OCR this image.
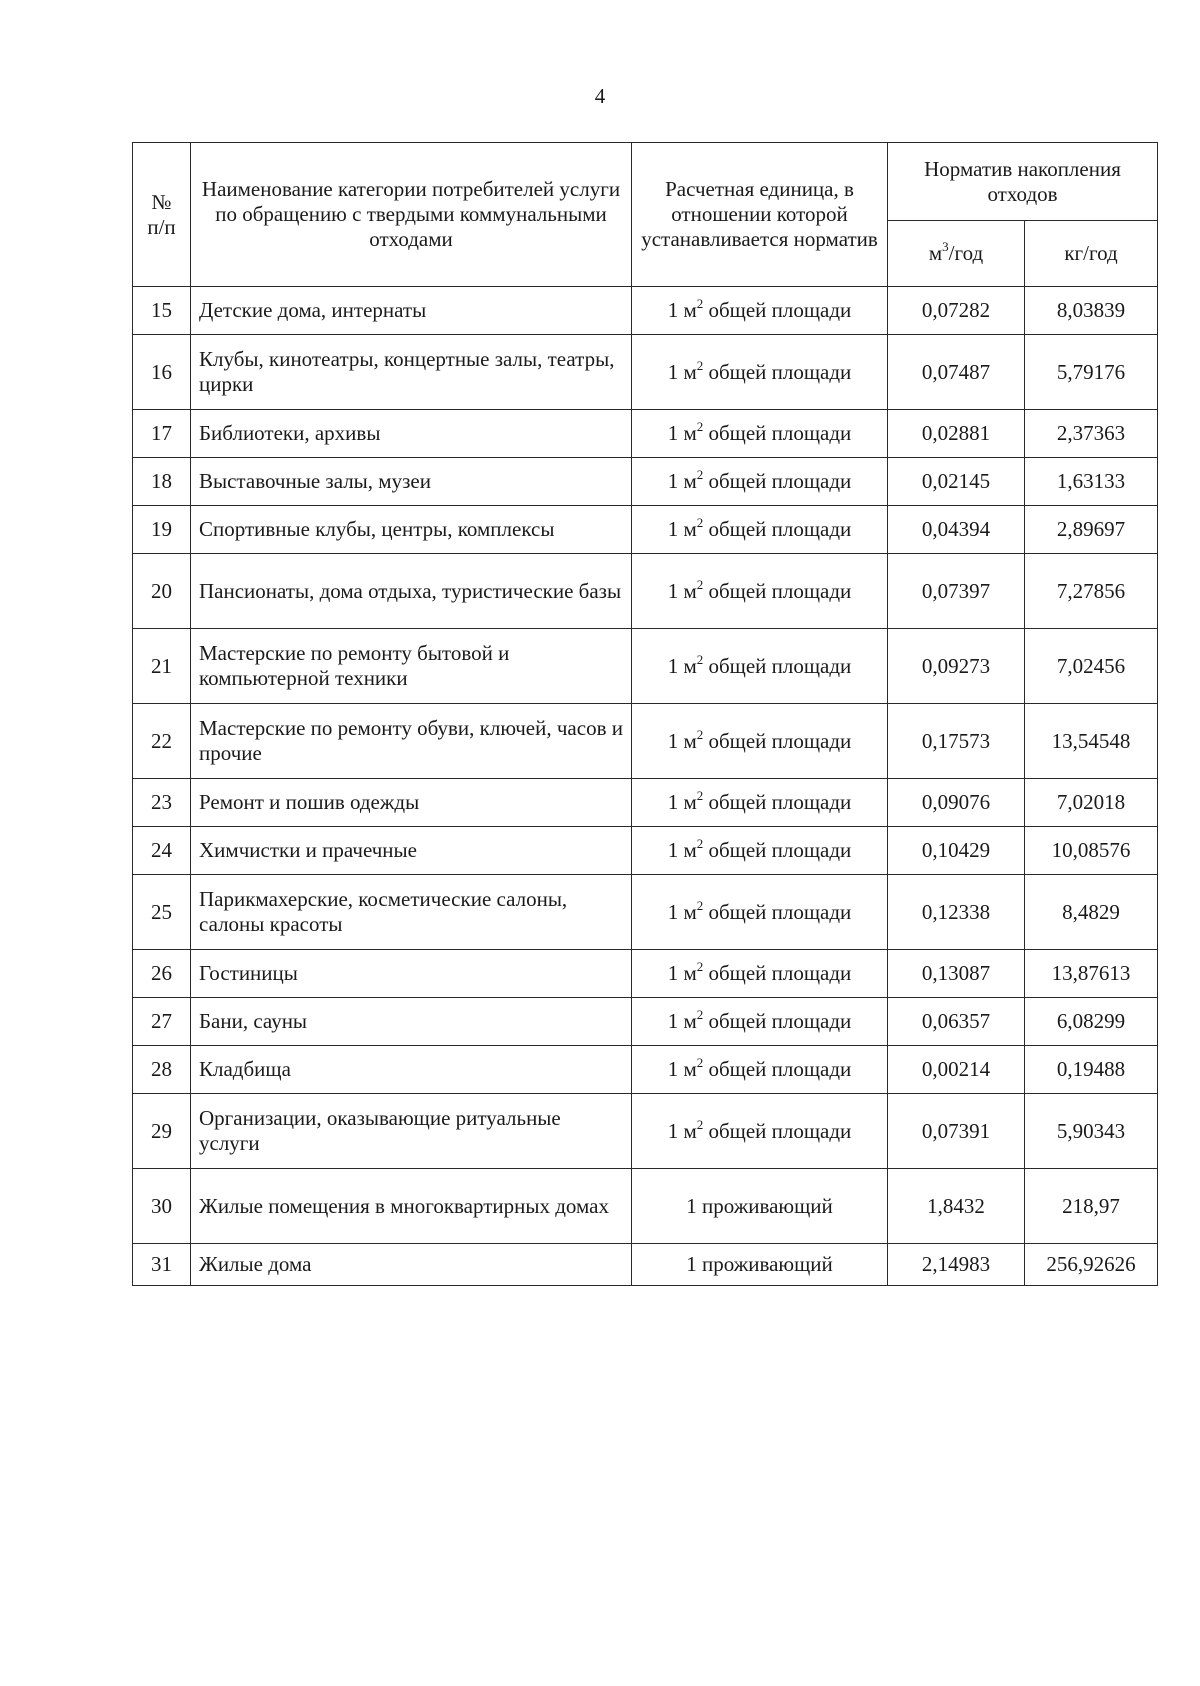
4
№ п/п	Наименование категории потребителей услуги по обращению с твердыми коммунальными отходами	Расчетная единица, в отношении которой устанавливается норматив	Норматив накопления отходов	
			$м^3$/год	кг/год
15	Детские дома, интернаты	1 $м^2$ общей площади	0,07282	8,03839
16	Клубы, кинотеатры, концертные залы, театры, цирки	1 $м^2$ общей площади	0,07487	5,79176
17	Библиотеки, архивы	1 $м^2$ общей площади	0,02881	2,37363
18	Выставочные залы, музеи	1 $м^2$ общей площади	0,02145	1,63133
19	Спортивные клубы, центры, комплексы	1 $м^2$ общей площади	0,04394	2,89697
20	Пансионаты, дома отдыха, туристические базы	1 $м^2$ общей площади	0,07397	7,27856
21	Мастерские по ремонту бытовой и компьютерной техники	1 $м^2$ общей площади	0,09273	7,02456
22	Мастерские по ремонту обуви, ключей, часов и прочие	1 $м^2$ общей площади	0,17573	13,54548
23	Ремонт и пошив одежды	1 $м^2$ общей площади	0,09076	7,02018
24	Химчистки и прачечные	1 $м^2$ общей площади	0,10429	10,08576
25	Парикмахерские, косметические салоны, салоны красоты	1 $м^2$ общей площади	0,12338	8,4829
26	Гостиницы	1 $м^2$ общей площади	0,13087	13,87613
27	Бани, сауны	1 $м^2$ общей площади	0,06357	6,08299
28	Кладбища	1 $м^2$ общей площади	0,00214	0,19488
29	Организации, оказывающие ритуальные услуги	1 $м^2$ общей площади	0,07391	5,90343
30	Жилые помещения в многоквартирных домах	1 проживающий	1,8432	218,97
31	Жилые дома	1 проживающий	2,14983	256,92626
